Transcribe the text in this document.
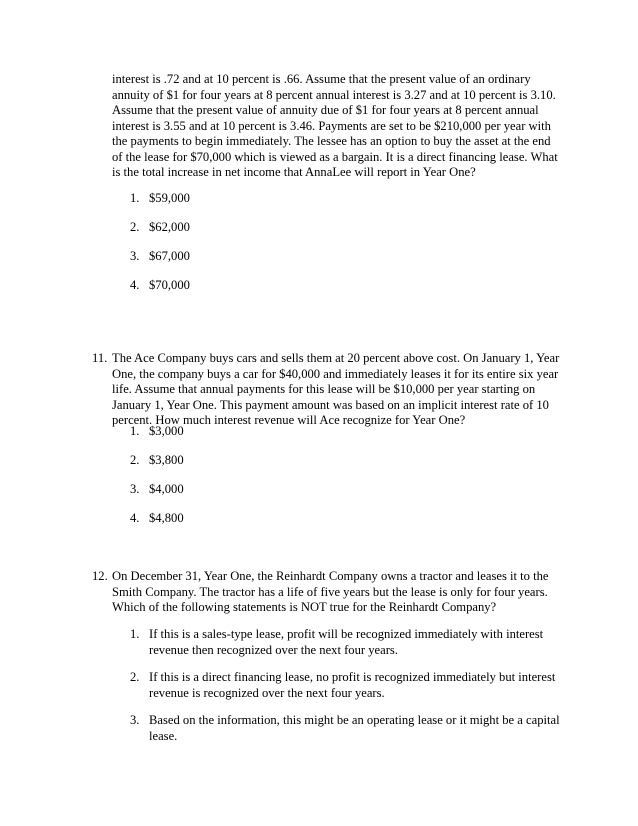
interest is .72 and at 10 percent is .66. Assume that the present value of an ordinary annuity of $1 for four years at 8 percent annual interest is 3.27 and at 10 percent is 3.10. Assume that the present value of annuity due of $1 for four years at 8 percent annual interest is 3.55 and at 10 percent is 3.46. Payments are set to be $210,000 per year with the payments to begin immediately. The lessee has an option to buy the asset at the end of the lease for $70,000 which is viewed as a bargain. It is a direct financing lease. What is the total increase in net income that AnnaLee will report in Year One?
1. $59,000
2. $62,000
3. $67,000
4. $70,000
11. The Ace Company buys cars and sells them at 20 percent above cost. On January 1, Year One, the company buys a car for $40,000 and immediately leases it for its entire six year life. Assume that annual payments for this lease will be $10,000 per year starting on January 1, Year One. This payment amount was based on an implicit interest rate of 10 percent. How much interest revenue will Ace recognize for Year One?
1. $3,000
2. $3,800
3. $4,000
4. $4,800
12. On December 31, Year One, the Reinhardt Company owns a tractor and leases it to the Smith Company. The tractor has a life of five years but the lease is only for four years. Which of the following statements is NOT true for the Reinhardt Company?
1. If this is a sales-type lease, profit will be recognized immediately with interest revenue then recognized over the next four years.
2. If this is a direct financing lease, no profit is recognized immediately but interest revenue is recognized over the next four years.
3. Based on the information, this might be an operating lease or it might be a capital lease.
